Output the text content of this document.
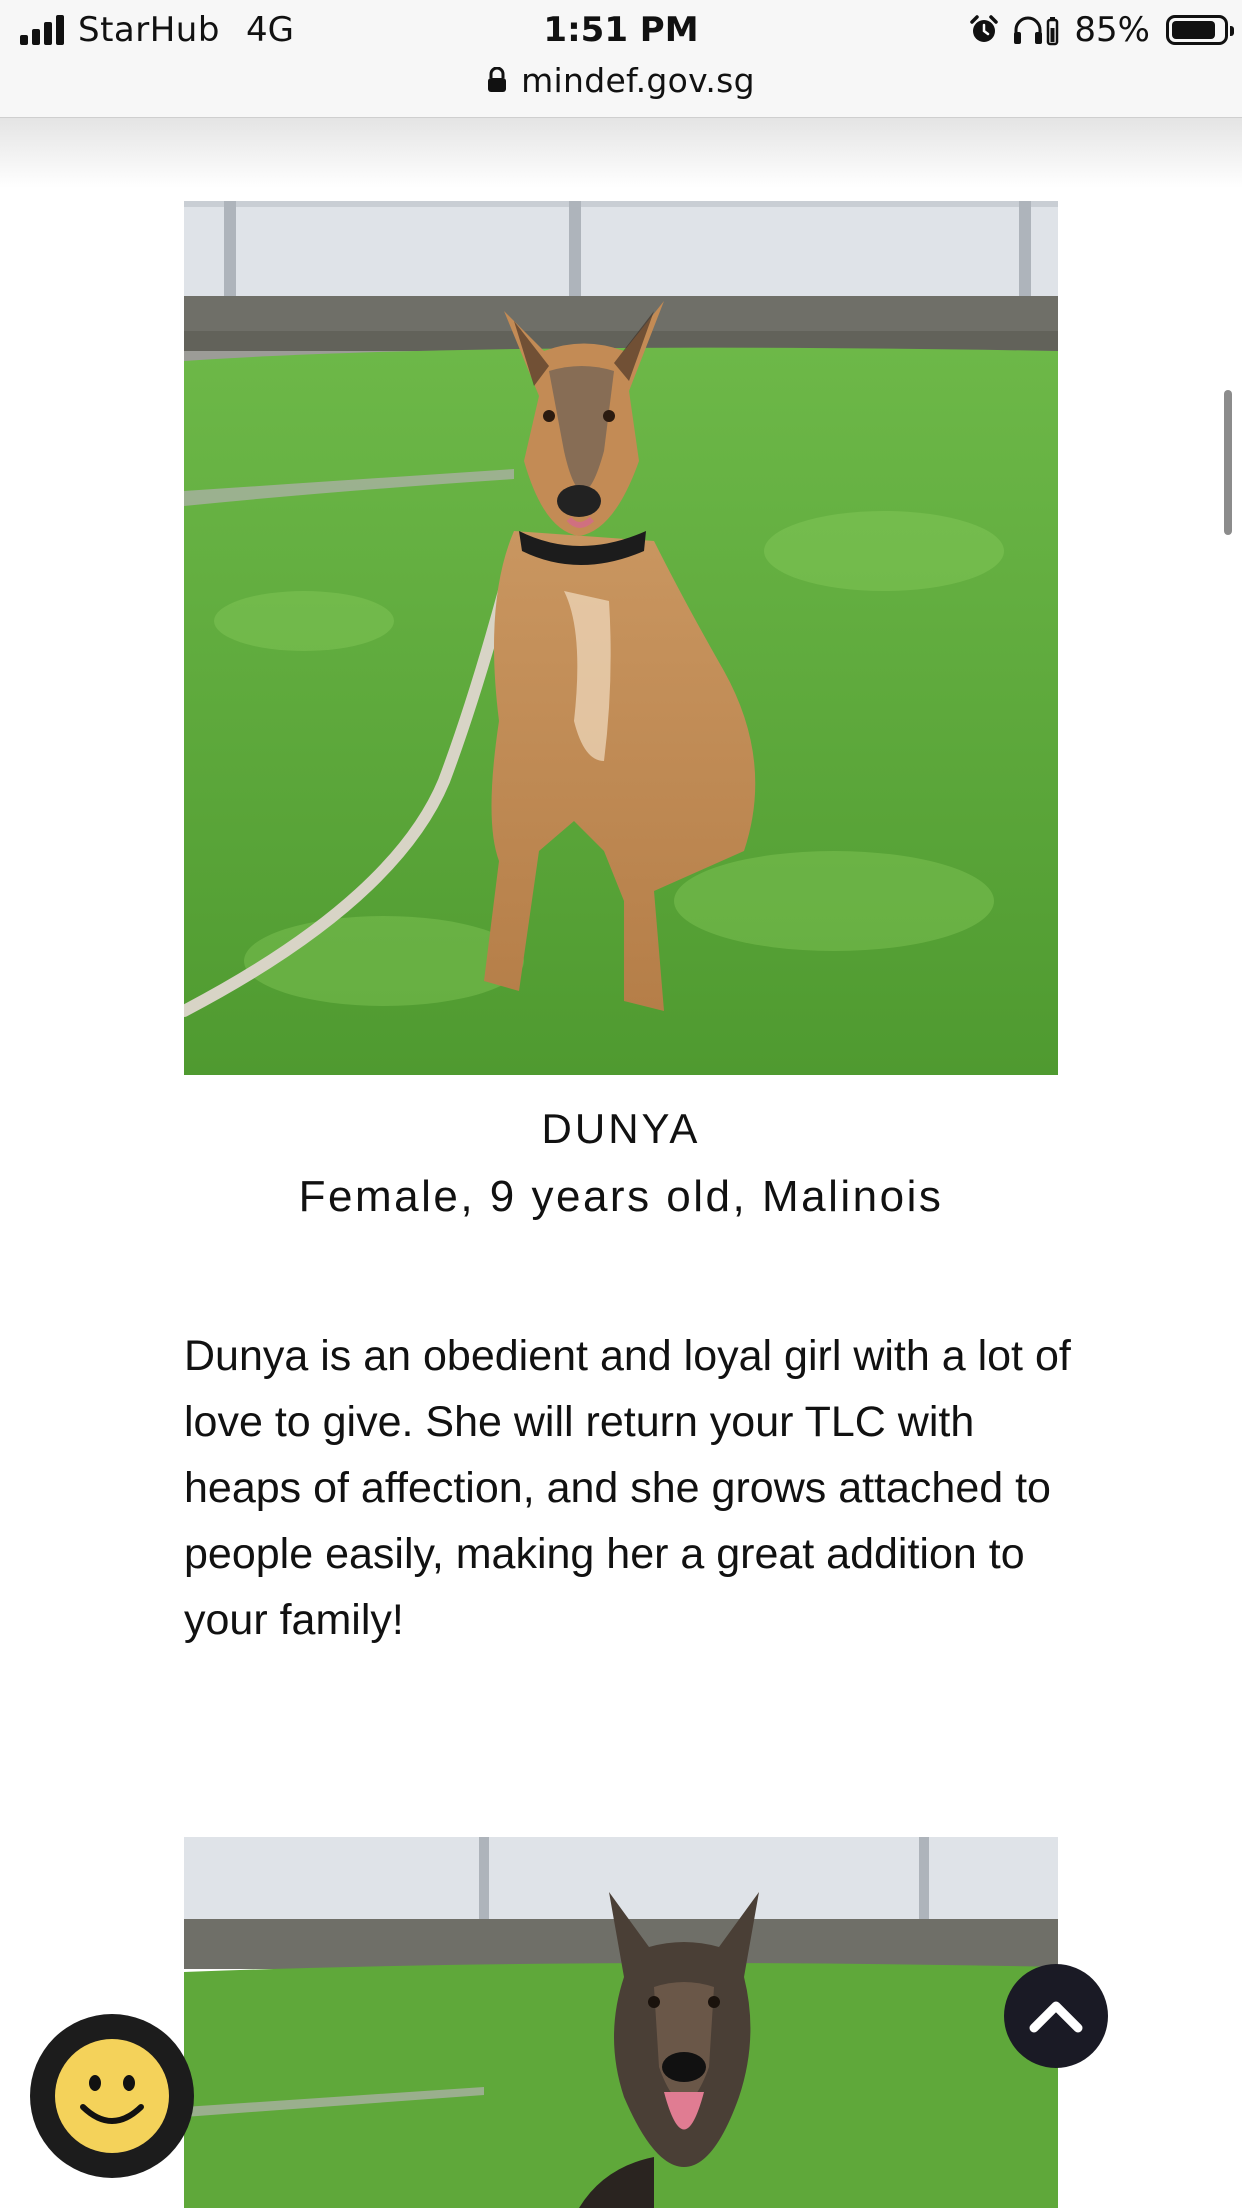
StarHub 4G	1:51 PM	85%
mindef.gov.sg
DUNYA
Female, 9 years old, Malinois

Dunya is an obedient and loyal girl with a lot of love to give. She will return your TLC with heaps of affection, and she grows attached to people easily, making her a great addition to your family!
